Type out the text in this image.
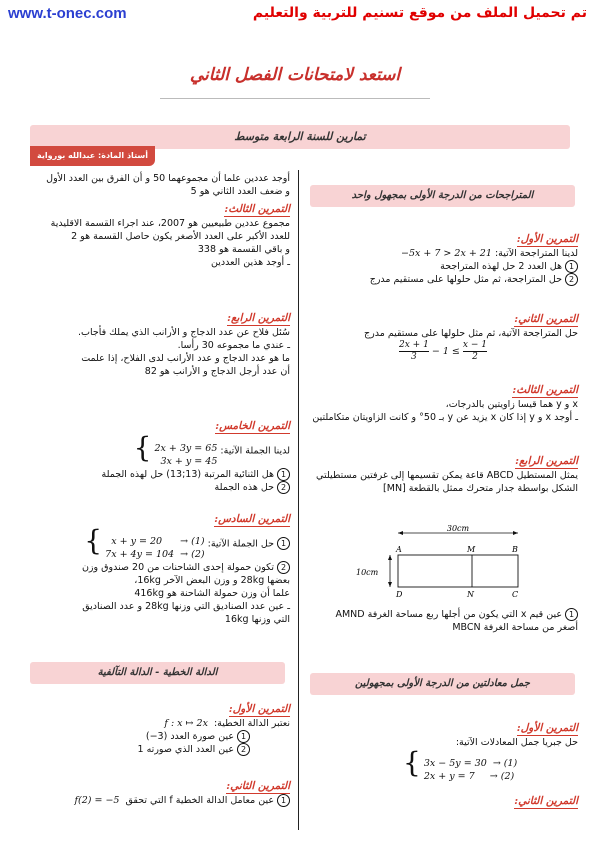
www.t-onec.com	تم تحميل الملف من موقع تسنيم للتربية والتعليم
استعد لامتحانات الفصل الثاني
تمارين للسنة الرابعة متوسط
أستاذ المادة: عبدالله بورواية
المتراجحات من الدرجة الأولى بمجهول واحد
التمرين الأول:
لدينا المتراجحة الآتية: −5x + 7 > 2x + 21
1هل العدد 2 حل لهذه المتراجحة
2حل المتراجحة، ثم مثل حلولها على مستقيم مدرج
التمرين الثاني:
حل المتراجحة الآتية، ثم مثل حلولها على مستقيم مدرج
$\frac{2x + 1}{3} - 1 \le \frac{x - 1}{2}$
التمرين الثالث:
x و y هما قيسا زاويتين بالدرجات،
ـ أوجد x و y إذا كان x يزيد عن y بـ 50° و كانت الزاويتان متكاملتين
التمرين الرابع:
يمثل المستطيل ABCD قاعة يمكن تقسيمها إلى غرفتين مستطيلتي
الشكل بواسطة جدار متحرك ممثل بالقطعة [MN]
30cm
10cm
A	M	B
D	N	C
1عين قيم x التي يكون من أجلها ربع مساحة الغرفة AMND
أصغر من مساحة الغرفة MBCN
جمل معادلتين من الدرجة الأولى بمجهولين
التمرين الأول:
حل جبريا جمل المعادلات الآتية:
{ 3x − 5y = 30 → (1)
2x + y = 7 → (2)
التمرين الثاني:
أوجد عددين علما أن مجموعهما 50 و أن الفرق بين العدد الأول
و ضعف العدد الثاني هو 5
التمرين الثالث:
مجموع عددين طبيعيين هو 2007، عند اجراء القسمة الاقليدية
للعدد الأكبر على العدد الأصغر يكون حاصل القسمة هو 2
و باقي القسمة هو 338
ـ أوجد هذين العددين
التمرين الرابع:
سُئل فلاح عن عدد الدجاج و الأرانب الذي يملك فأجاب.
ـ عندي ما مجموعه 30 رأسا.
ما هو عدد الدجاج و عدد الأرانب لدى الفلاح، إذا علمت
أن عدد أرجل الدجاج و الأرانب هو 82
التمرين الخامس:
لدينا الجملة الآتية: { 2x + 3y = 65
3x + y = 45
1هل الثنائية المرتبة (13;13) حل لهذه الجملة
2حل هذه الجملة
التمرين السادس:
1حل الجملة الآتية: { x + y = 20 → (1)
7x + 4y = 104 → (2)
2تكون حمولة إحدى الشاحنات من 20 صندوق وزن
بعضها 28kg و وزن البعض الآخر 16kg،
علما أن وزن حمولة الشاحنة هو 416kg
ـ عين عدد الصناديق التي وزنها 28kg و عدد الصناديق
التي وزنها 16kg
الدالة الخطية - الدالة التآلفية
التمرين الأول:
نعتبر الدالة الخطية:  f : x ↦ 2x
1عين صورة العدد (3−)
2عين العدد الذي صورته 1
التمرين الثاني:
1عين معامل الدالة الخطية f التي تحقق  f(2) = −5
